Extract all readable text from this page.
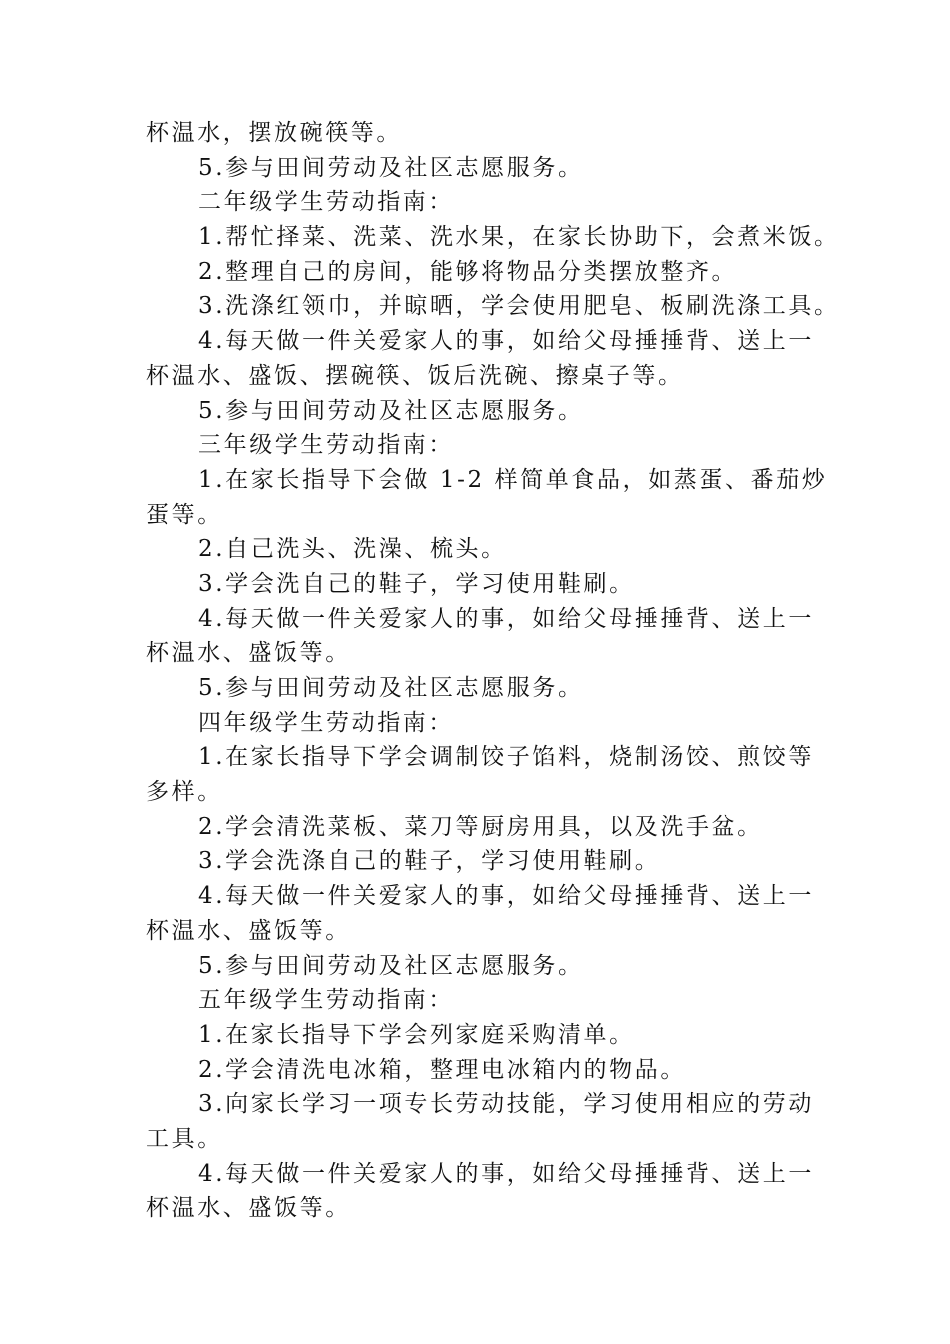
杯温水，摆放碗筷等。
5.参与田间劳动及社区志愿服务。
二年级学生劳动指南：
1.帮忙择菜、洗菜、洗水果，在家长协助下，会煮米饭。
2.整理自己的房间，能够将物品分类摆放整齐。
3.洗涤红领巾，并晾晒，学会使用肥皂、板刷洗涤工具。
4.每天做一件关爱家人的事，如给父母捶捶背、送上一
杯温水、盛饭、摆碗筷、饭后洗碗、擦桌子等。
5.参与田间劳动及社区志愿服务。
三年级学生劳动指南：
1.在家长指导下会做 1-2 样简单食品，如蒸蛋、番茄炒
蛋等。
2.自己洗头、洗澡、梳头。
3.学会洗自己的鞋子，学习使用鞋刷。
4.每天做一件关爱家人的事，如给父母捶捶背、送上一
杯温水、盛饭等。
5.参与田间劳动及社区志愿服务。
四年级学生劳动指南：
1.在家长指导下学会调制饺子馅料，烧制汤饺、煎饺等
多样。
2.学会清洗菜板、菜刀等厨房用具，以及洗手盆。
3.学会洗涤自己的鞋子，学习使用鞋刷。
4.每天做一件关爱家人的事，如给父母捶捶背、送上一
杯温水、盛饭等。
5.参与田间劳动及社区志愿服务。
五年级学生劳动指南：
1.在家长指导下学会列家庭采购清单。
2.学会清洗电冰箱，整理电冰箱内的物品。
3.向家长学习一项专长劳动技能，学习使用相应的劳动
工具。
4.每天做一件关爱家人的事，如给父母捶捶背、送上一
杯温水、盛饭等。
